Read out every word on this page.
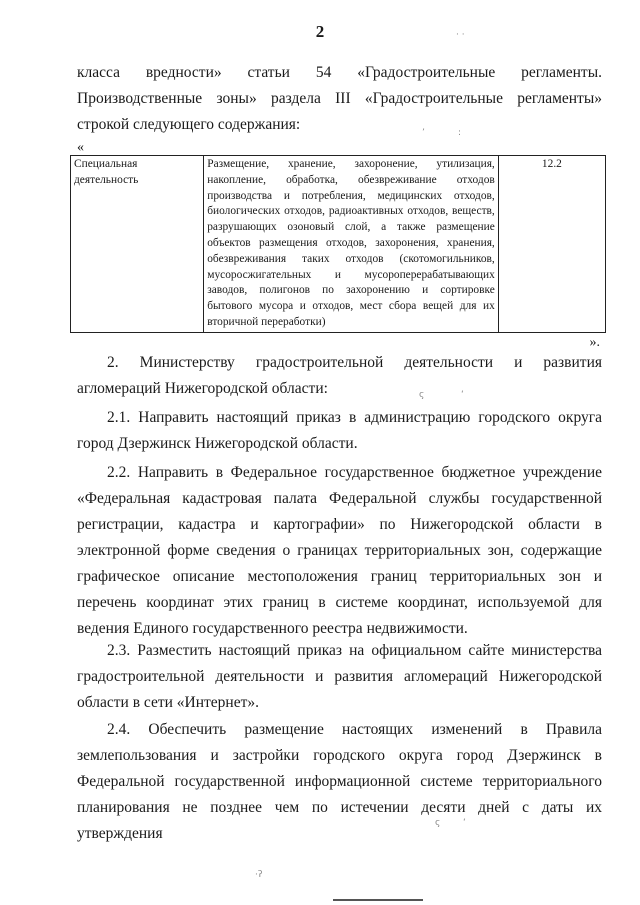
2
класса вредности» статьи 54 «Градостроительные регламенты. Производственные зоны» раздела III «Градостроительные регламенты» строкой следующего содержания:
«
Специальная деятельность	Размещение, хранение, захоронение, утилизация, накопление, обработка, обезвреживание отходов производства и потребления, медицинских отходов, биологических отходов, радиоактивных отходов, веществ, разрушающих озоновый слой, а также размещение объектов размещения отходов, захоронения, хранения, обезвреживания таких отходов (скотомогильников, мусоросжигательных и мусороперерабатывающих заводов, полигонов по захоронению и сортировке бытового мусора и отходов, мест сбора вещей для их вторичной переработки)	12.2
».
2. Министерству градостроительной деятельности и развития агломераций Нижегородской области:
2.1. Направить настоящий приказ в администрацию городского округа город Дзержинск Нижегородской области.
2.2. Направить в Федеральное государственное бюджетное учреждение «Федеральная кадастровая палата Федеральной службы государственной регистрации, кадастра и картографии» по Нижегородской области в электронной форме сведения о границах территориальных зон, содержащие графическое описание местоположения границ территориальных зон и перечень координат этих границ в системе координат, используемой для ведения Единого государственного реестра недвижимости.
2.3. Разместить настоящий приказ на официальном сайте министерства градостроительной деятельности и развития агломераций Нижегородской области в сети «Интернет».
2.4. Обеспечить размещение настоящих изменений в Правила землепользования и застройки городского округа город Дзержинск в Федеральной государственной информационной системе территориального планирования не позднее чем по истечении десяти дней с даты их утверждения
· ·
ʼ	:
ς	ʻ
ς	ʻ
·ʔ
